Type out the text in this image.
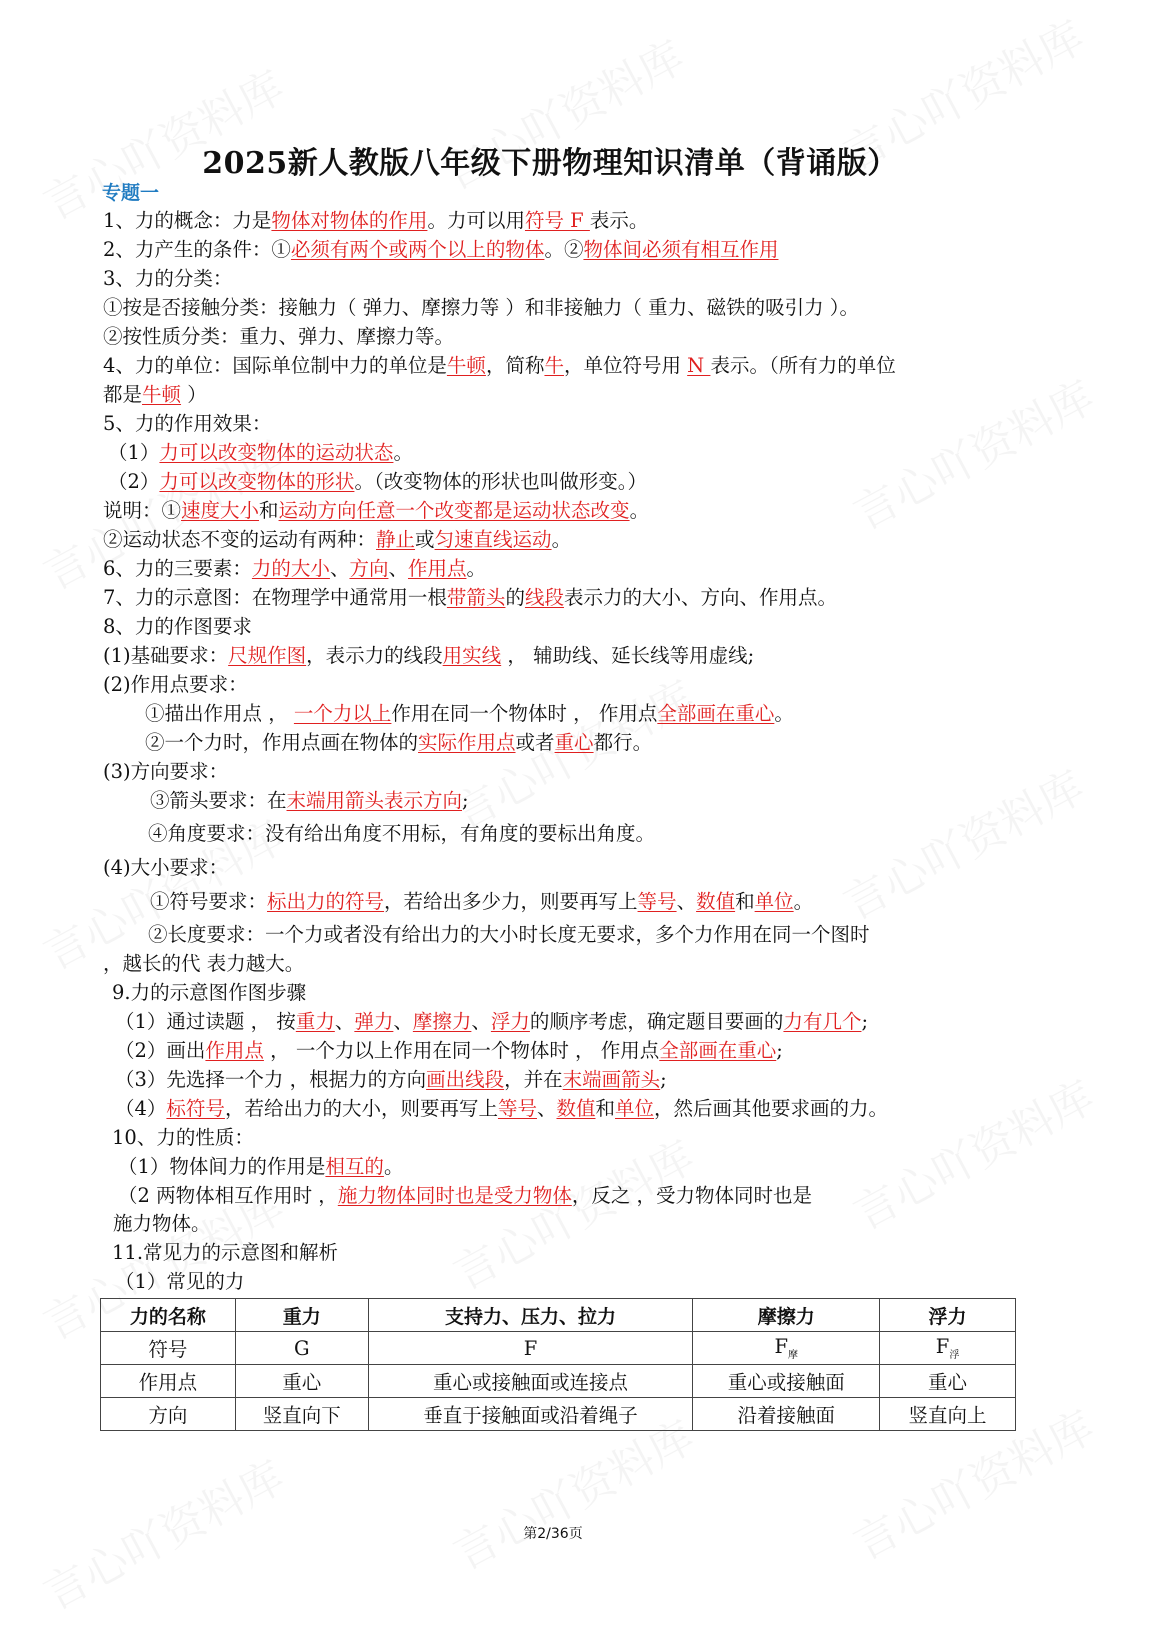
2025新人教版八年级下册物理知识清单（背诵版）
专题一
1、力的概念：力是物体对物体的作用。力可以用符号 F 表示。
2、力产生的条件：①必须有两个或两个以上的物体。②物体间必须有相互作用
3、力的分类：
①按是否接触分类：接触力（ 弹力、摩擦力等 ）和非接触力（ 重力、磁铁的吸引力 ）。
②按性质分类：重力、弹力、摩擦力等。
4、力的单位：国际单位制中力的单位是牛顿，简称牛，单位符号用 N 表示。（所有力的单位
都是牛顿 ）
5、力的作用效果：
（1）力可以改变物体的运动状态。
（2）力可以改变物体的形状。（改变物体的形状也叫做形变。）
说明：①速度大小和运动方向任意一个改变都是运动状态改变。
②运动状态不变的运动有两种：静止或匀速直线运动。
6、力的三要素：力的大小、方向、作用点。
7、力的示意图：在物理学中通常用一根带箭头的线段表示力的大小、方向、作用点。
8、力的作图要求
(1)基础要求：尺规作图，表示力的线段用实线 ， 辅助线、延长线等用虚线;
(2)作用点要求：
①描出作用点 ， 一个力以上作用在同一个物体时 ， 作用点全部画在重心。
②一个力时，作用点画在物体的实际作用点或者重心都行。
(3)方向要求：
③箭头要求：在末端用箭头表示方向;
④角度要求：没有给出角度不用标，有角度的要标出角度。
(4)大小要求：
①符号要求：标出力的符号，若给出多少力，则要再写上等号、数值和单位。
②长度要求：一个力或者没有给出力的大小时长度无要求，多个力作用在同一个图时
，越长的代 表力越大。
9.力的示意图作图步骤
（1）通过读题 ， 按重力、弹力、摩擦力、浮力的顺序考虑，确定题目要画的力有几个;
（2）画出作用点 ， 一个力以上作用在同一个物体时 ， 作用点全部画在重心;
（3）先选择一个力 ，根据力的方向画出线段，并在末端画箭头;
（4）标符号，若给出力的大小，则要再写上等号、数值和单位，然后画其他要求画的力。
10、力的性质：
（1）物体间力的作用是相互的。
（2 两物体相互作用时 ，施力物体同时也是受力物体，反之 ，受力物体同时也是
施力物体。
11.常见力的示意图和解析
（1）常见的力
力的名称	重力	支持力、压力、拉力	摩擦力	浮力
符号	G	F	$F_摩$	$F_浮$
作用点	重心	重心或接触面或连接点	重心或接触面	重心
方向	竖直向下	垂直于接触面或沿着绳子	沿着接触面	竖直向上
第2/36页
